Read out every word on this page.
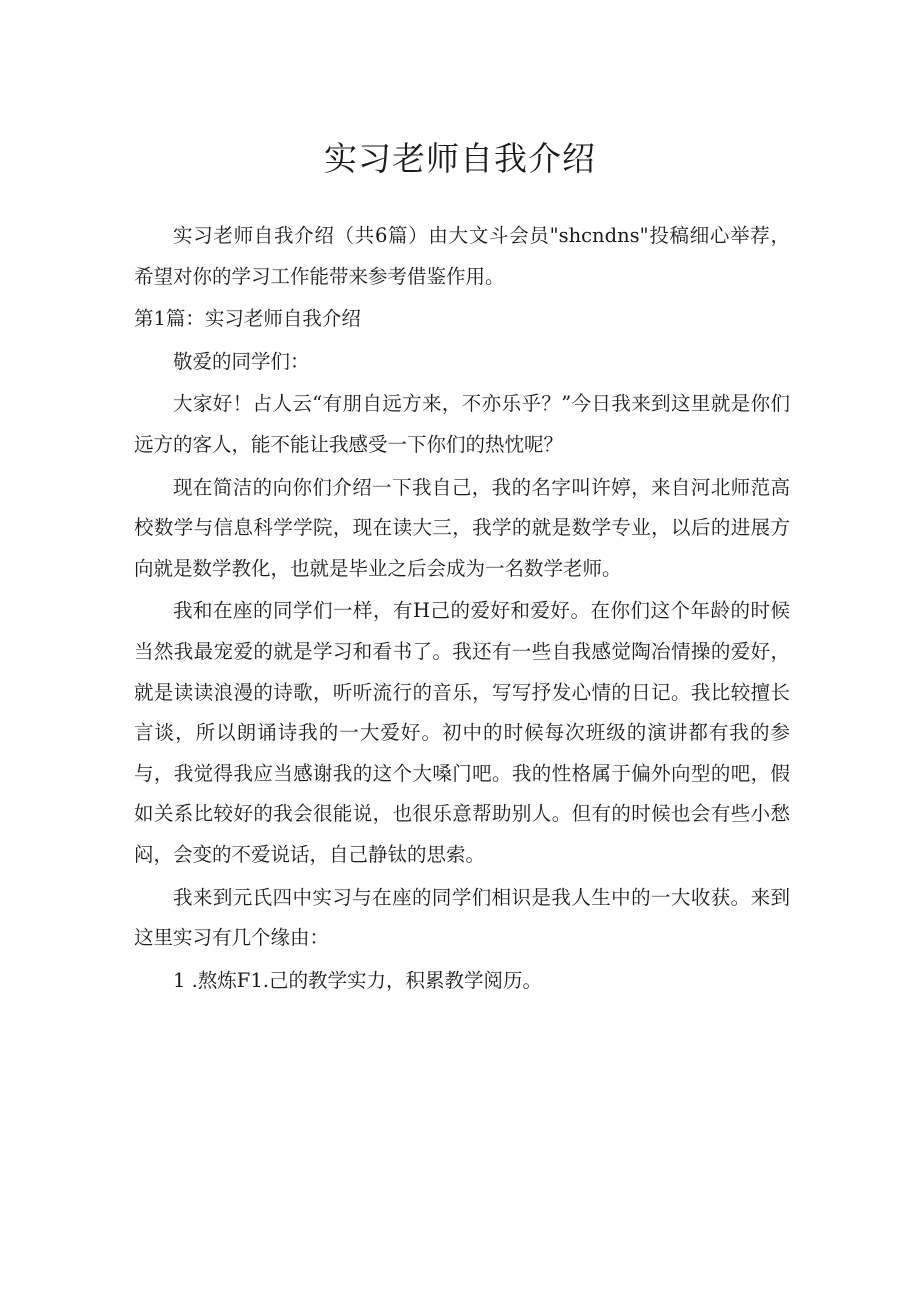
实习老师自我介绍

实习老师自我介绍（共6篇）由大文斗会员"shcndns"投稿细心举荐，希望对你的学习工作能带来参考借鉴作用。

第1篇：实习老师自我介绍

敬爱的同学们：

大家好！占人云“有朋自远方来，不亦乐乎？”今日我来到这里就是你们远方的客人，能不能让我感受一下你们的热忱呢？

现在简洁的向你们介绍一下我自己，我的名字叫许婷，来自河北师范高校数学与信息科学学院，现在读大三，我学的就是数学专业，以后的进展方向就是数学教化，也就是毕业之后会成为一名数学老师。

我和在座的同学们一样，有H己的爱好和爱好。在你们这个年龄的时候当然我最宠爱的就是学习和看书了。我还有一些自我感觉陶冶情操的爱好，就是读读浪漫的诗歌，听听流行的音乐，写写抒发心情的日记。我比较擅长言谈，所以朗诵诗我的一大爱好。初中的时候每次班级的演讲都有我的参与，我觉得我应当感谢我的这个大嗓门吧。我的性格属于偏外向型的吧，假如关系比较好的我会很能说，也很乐意帮助别人。但有的时候也会有些小愁闷，会变的不爱说话，自己静钛的思索。

我来到元氏四中实习与在座的同学们相识是我人生中的一大收获。来到这里实习有几个缘由：

1 .熬炼F1.己的教学实力，积累教学阅历。
